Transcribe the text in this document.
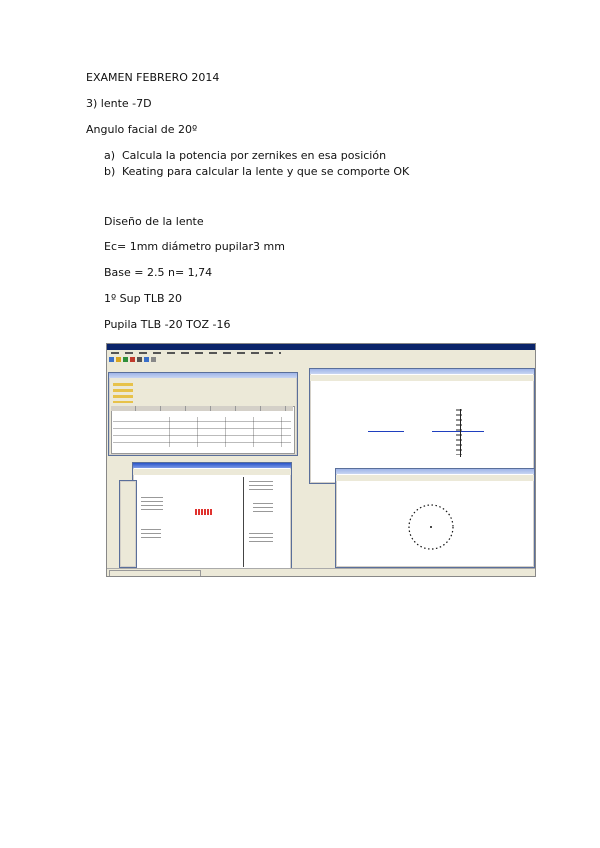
EXAMEN FEBRERO 2014
3) lente -7D
Angulo facial de 20º
a) Calcula la potencia por zernikes en esa posición
b) Keating para calcular la lente y que se comporte OK
Diseño de la lente
Ec= 1mm diámetro pupilar3 mm
Base = 2.5 n= 1,74
1º Sup TLB 20
Pupila TLB -20 TOZ -16
